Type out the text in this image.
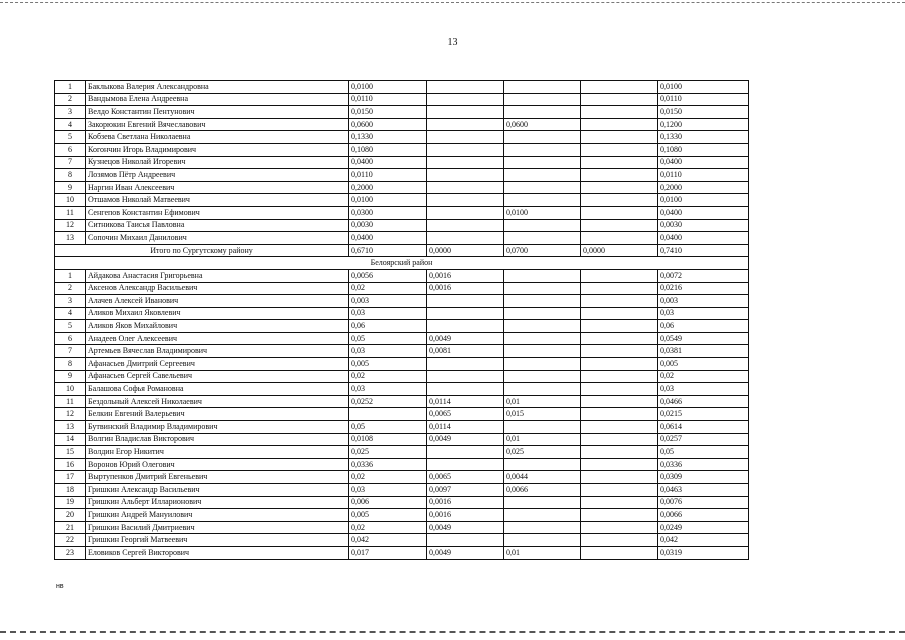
13
1	Баклыкова Валерия Александровна	0,0100				0,0100
2	Вандымова Елена Андреевна	0,0110				0,0110
3	Велдо Константин Пентунович	0,0150				0,0150
4	Закорюкин Евгений Вячеславович	0,0600		0,0600		0,1200
5	Кобзева Светлана Николаевна	0,1330				0,1330
6	Когончин Игорь Владимирович	0,1080				0,1080
7	Кузнецов Николай Игоревич	0,0400				0,0400
8	Лозямов Пётр Андреевич	0,0110				0,0110
9	Наргин Иван Алексеевич	0,2000				0,2000
10	Отшамов Николай Матвеевич	0,0100				0,0100
11	Сенгепов Константин Ефимович	0,0300		0,0100		0,0400
12	Ситникова Таисья Павловна	0,0030				0,0030
13	Сопочин Михаил Данилович	0,0400				0,0400
Итого по Сургутскому району		0,6710	0,0000	0,0700	0,0000	0,7410
Белоярский район						
1	Айдакова Анастасия Григорьевна	0,0056	0,0016			0,0072
2	Аксенов Александр Васильевич	0,02	0,0016			0,0216
3	Алачев Алексей Иванович	0,003				0,003
4	Аликов Михаил Яковлевич	0,03				0,03
5	Аликов Яков Михайлович	0,06				0,06
6	Анадеев Олег Алексеевич	0,05	0,0049			0,0549
7	Артемьев Вячеслав Владимирович	0,03	0,0081			0,0381
8	Афанасьев Дмитрий Сергеевич	0,005				0,005
9	Афанасьев Сергей Савельевич	0,02				0,02
10	Балашова Софья Романовна	0,03				0,03
11	Бездольный Алексей Николаевич	0,0252	0,0114	0,01		0,0466
12	Белкин Евгений Валерьевич		0,0065	0,015		0,0215
13	Бутвинский Владимир Владимирович	0,05	0,0114			0,0614
14	Волгин Владислав Викторович	0,0108	0,0049	0,01		0,0257
15	Волдин Егор Никитич	0,025		0,025		0,05
16	Воронов Юрий Олегович	0,0336				0,0336
17	Выртупенков Дмитрий Евгеньевич	0,02	0,0065	0,0044		0,0309
18	Гришкин Александр Васильевич	0,03	0,0097	0,0066		0,0463
19	Гришкин Альберт Илларионович	0,006	0,0016			0,0076
20	Гришкин Андрей Мануилович	0,005	0,0016			0,0066
21	Гришкин Василий Дмитриевич	0,02	0,0049			0,0249
22	Гришкин Георгий Матвеевич	0,042				0,042
23	Еловиков Сергей Викторович	0,017	0,0049	0,01		0,0319
нв
